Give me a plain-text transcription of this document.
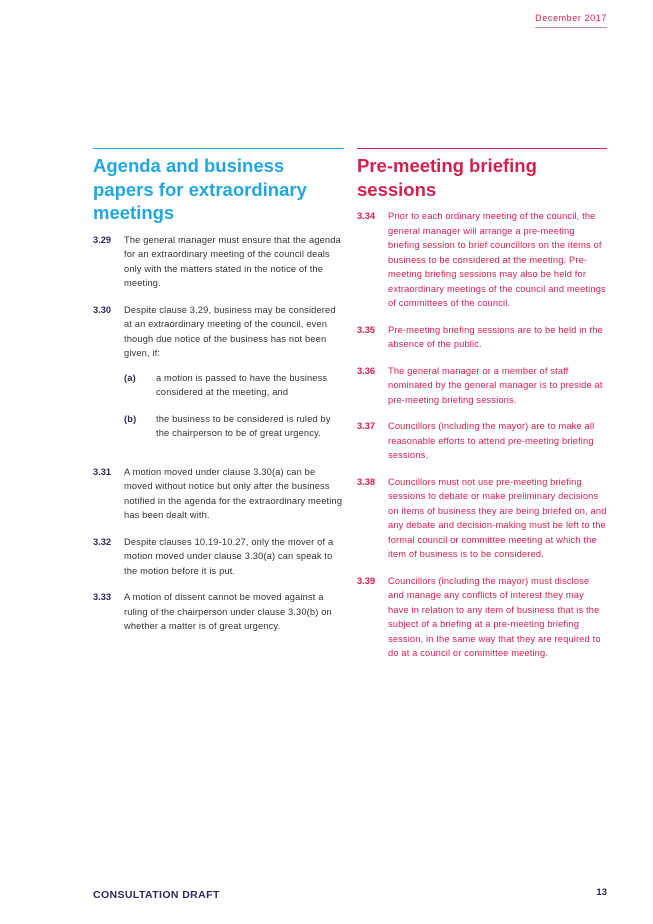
December 2017
Agenda and business papers for extraordinary meetings
3.29	The general manager must ensure that the agenda for an extraordinary meeting of the council deals only with the matters stated in the notice of the meeting.
3.30	Despite clause 3.29, business may be considered at an extraordinary meeting of the council, even though due notice of the business has not been given, if:
(a)	a motion is passed to have the business considered at the meeting, and
(b)	the business to be considered is ruled by the chairperson to be of great urgency.
3.31	A motion moved under clause 3.30(a) can be moved without notice but only after the business notified in the agenda for the extraordinary meeting has been dealt with.
3.32	Despite clauses 10.19-10.27, only the mover of a motion moved under clause 3.30(a) can speak to the motion before it is put.
3.33	A motion of dissent cannot be moved against a ruling of the chairperson under clause 3.30(b) on whether a matter is of great urgency.
Pre-meeting briefing sessions
3.34	Prior to each ordinary meeting of the council, the general manager will arrange a pre-meeting briefing session to brief councillors on the items of business to be considered at the meeting. Pre-meeting briefing sessions may also be held for extraordinary meetings of the council and meetings of committees of the council.
3.35	Pre-meeting briefing sessions are to be held in the absence of the public.
3.36	The general manager or a member of staff nominated by the general manager is to preside at pre-meeting briefing sessions.
3.37	Councillors (including the mayor) are to make all reasonable efforts to attend pre-meeting briefing sessions.
3.38	Councillors must not use pre-meeting briefing sessions to debate or make preliminary decisions on items of business they are being briefed on, and any debate and decision-making must be left to the formal council or committee meeting at which the item of business is to be considered.
3.39	Councillors (including the mayor) must disclose and manage any conflicts of interest they may have in relation to any item of business that is the subject of a briefing at a pre-meeting briefing session, in the same way that they are required to do at a council or committee meeting.
CONSULTATION DRAFT	13
